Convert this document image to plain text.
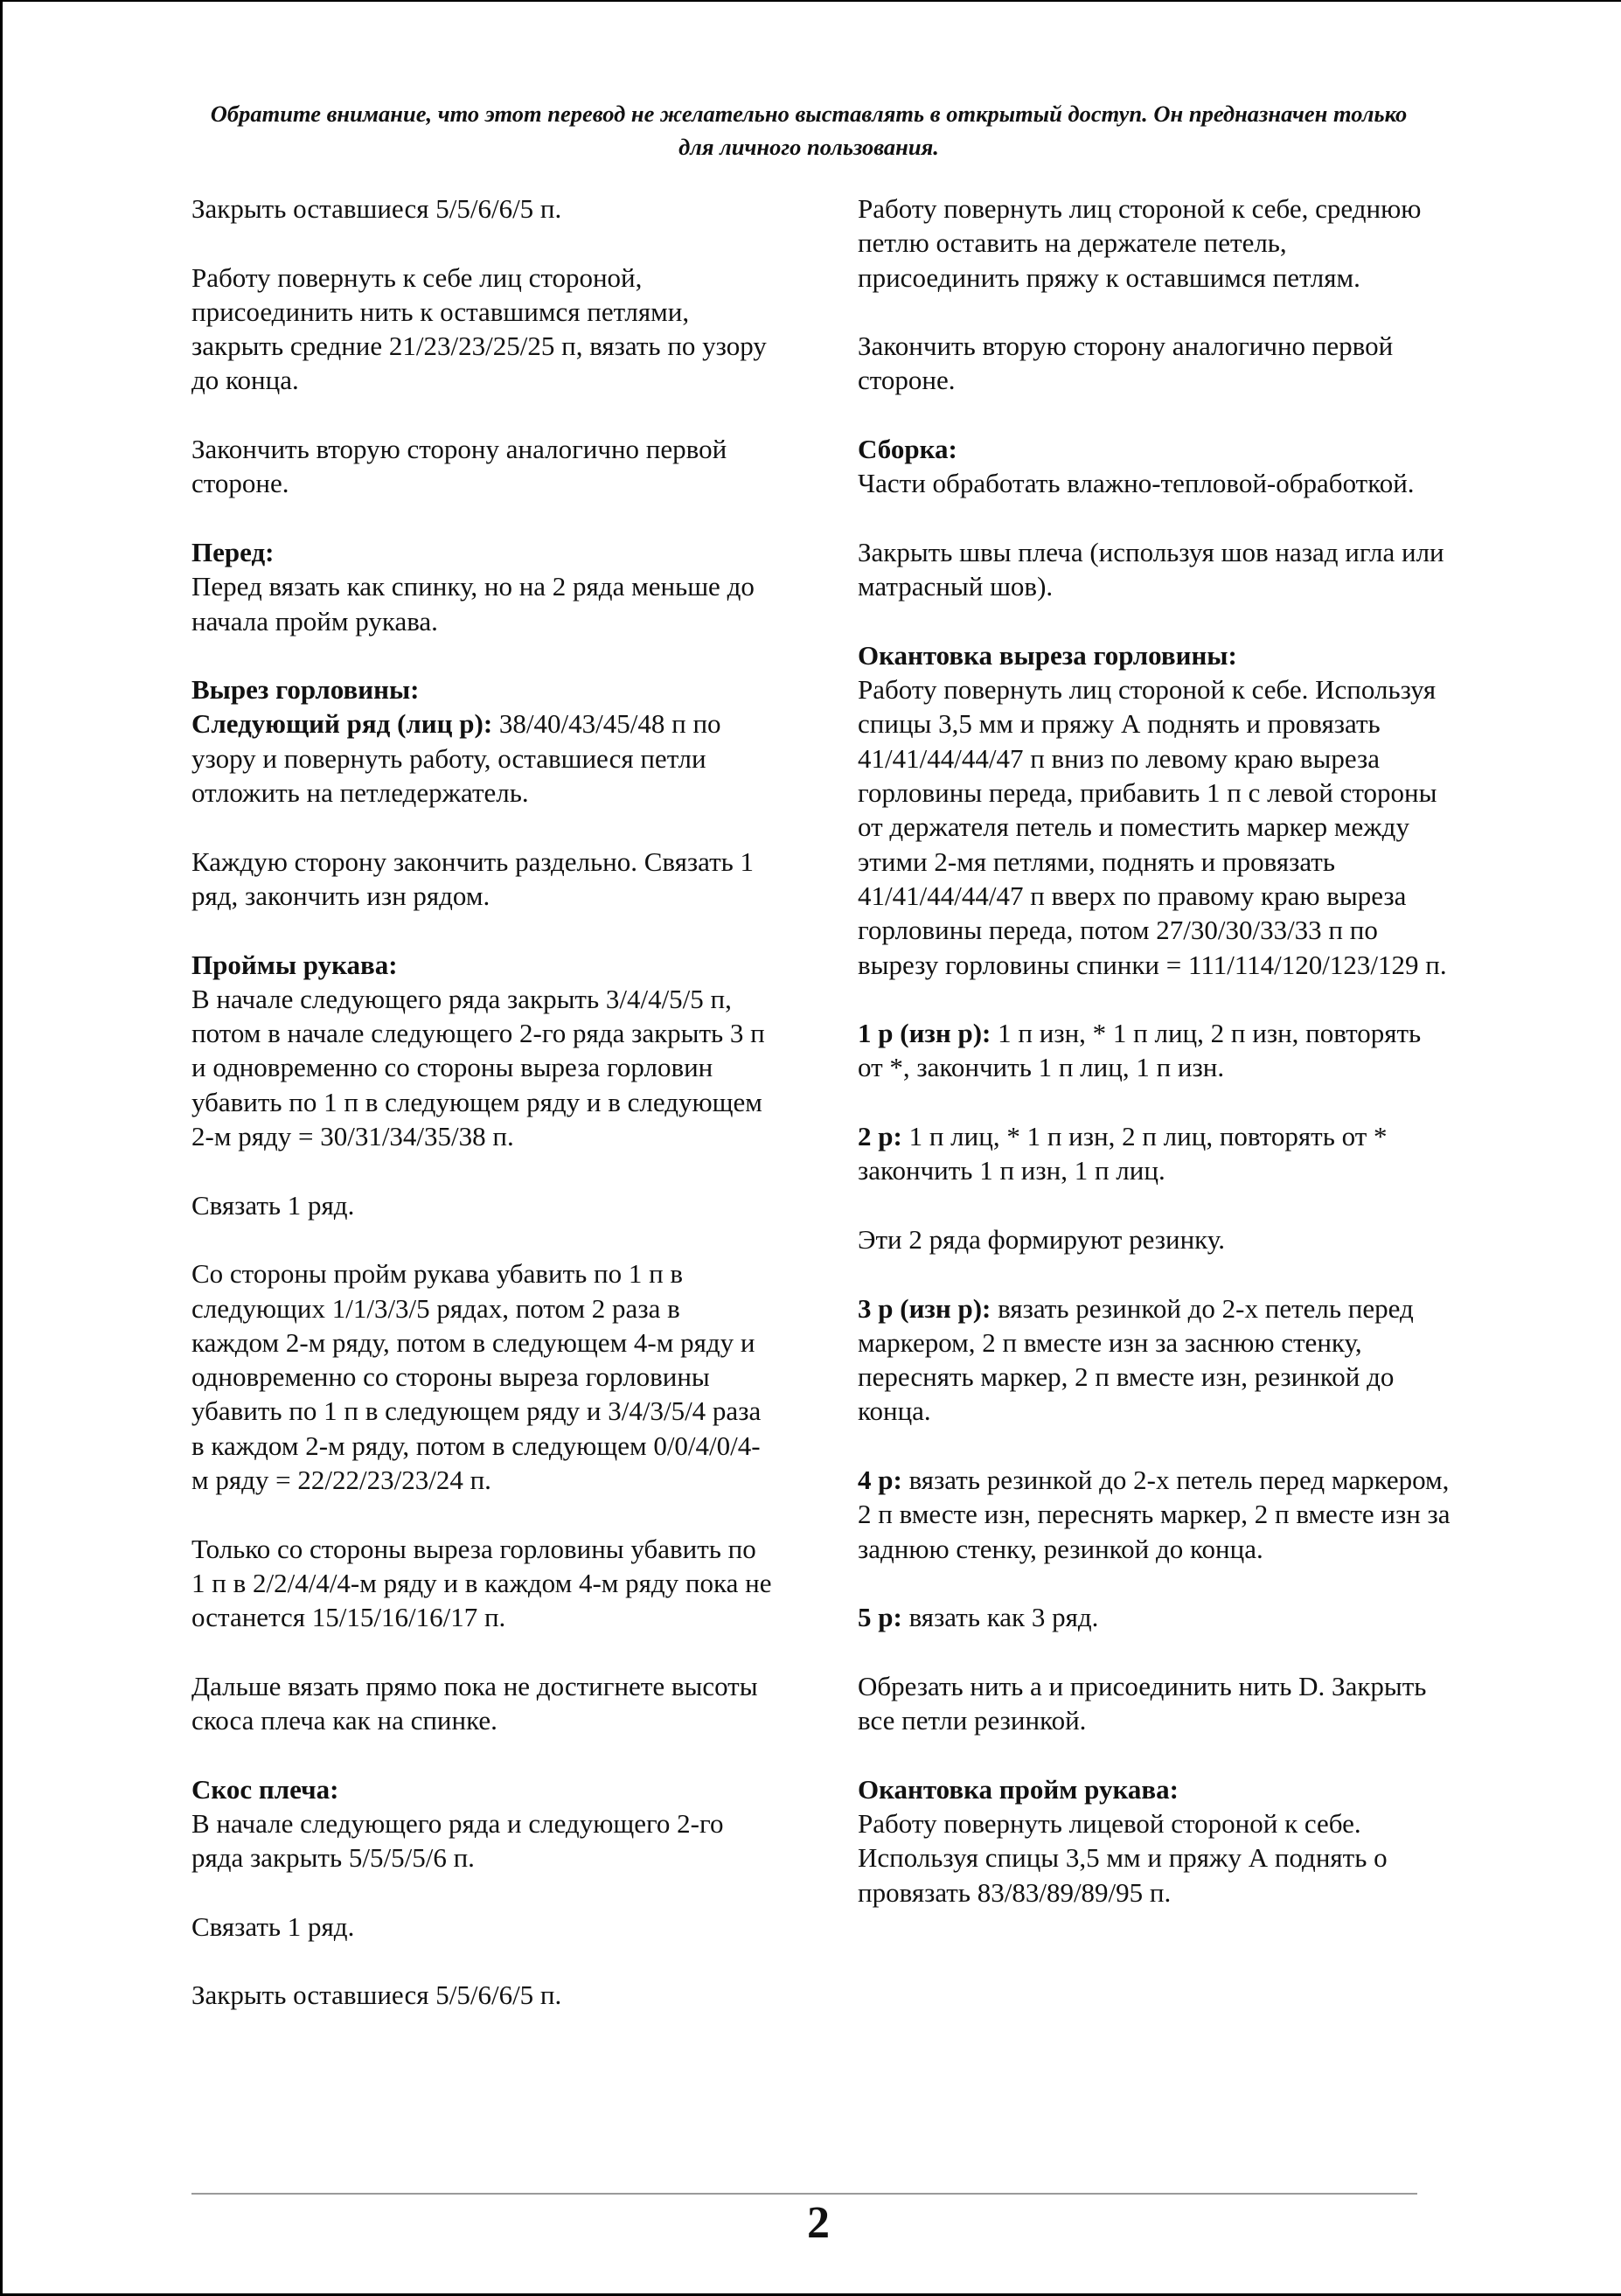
Обратите внимание, что этот перевод не желательно выставлять в открытый доступ. Он предназначен только для личного пользования.

Закрыть оставшиеся 5/5/6/6/5 п.

Работу повернуть к себе лиц стороной, присоединить нить к оставшимся петлями, закрыть средние 21/23/23/25/25 п, вязать по узору до конца.

Закончить вторую сторону аналогично первой стороне.

Перед:
Перед вязать как спинку, но на 2 ряда меньше до начала пройм рукава.

Вырез горловины:
Следующий ряд (лиц р): 38/40/43/45/48 п по узору и повернуть работу, оставшиеся петли отложить на петледержатель.

Каждую сторону закончить раздельно. Связать 1 ряд, закончить изн рядом.

Проймы рукава:
В начале следующего ряда закрыть 3/4/4/5/5 п, потом в начале следующего 2-го ряда закрыть 3 п и одновременно со стороны выреза горловин убавить по 1 п в следующем ряду и в следующем 2-м ряду = 30/31/34/35/38 п.

Связать 1 ряд.

Со стороны пройм рукава убавить по 1 п в следующих 1/1/3/3/5 рядах, потом 2 раза в каждом 2-м ряду, потом в следующем 4-м ряду и одновременно со стороны выреза горловины убавить по 1 п в следующем ряду и 3/4/3/5/4 раза в каждом 2-м ряду, потом в следующем 0/0/4/0/4-м ряду = 22/22/23/23/24 п.

Только со стороны выреза горловины убавить по 1 п в 2/2/4/4/4-м ряду и в каждом 4-м ряду пока не останется 15/15/16/16/17 п.

Дальше вязать прямо пока не достигнете высоты скоса плеча как на спинке.

Скос плеча:
В начале следующего ряда и следующего 2-го ряда закрыть 5/5/5/5/6 п.

Связать 1 ряд.

Закрыть оставшиеся 5/5/6/6/5 п.

Работу повернуть лиц стороной к себе, среднюю петлю оставить на держателе петель, присоединить пряжу к оставшимся петлям.

Закончить вторую сторону аналогично первой стороне.

Сборка:
Части обработать влажно-тепловой-обработкой.

Закрыть швы плеча (используя шов назад игла или матрасный шов).

Окантовка выреза горловины:
Работу повернуть лиц стороной к себе. Используя спицы 3,5 мм и пряжу А поднять и провязать 41/41/44/44/47 п вниз по левому краю выреза горловины переда, прибавить 1 п с левой стороны от держателя петель и поместить маркер между этими 2-мя петлями, поднять и провязать 41/41/44/44/47 п вверх по правому краю выреза горловины переда, потом 27/30/30/33/33 п по вырезу горловины спинки = 111/114/120/123/129 п.

1 р (изн р): 1 п изн, * 1 п лиц, 2 п изн, повторять от *, закончить 1 п лиц, 1 п изн.

2 р: 1 п лиц, * 1 п изн, 2 п лиц, повторять от * закончить 1 п изн, 1 п лиц.

Эти 2 ряда формируют резинку.

3 р (изн р): вязать резинкой до 2-х петель перед маркером, 2 п вместе изн за заснюю стенку, переснять маркер, 2 п вместе изн, резинкой до конца.

4 р: вязать резинкой до 2-х петель перед маркером, 2 п вместе изн, переснять маркер, 2 п вместе изн за заднюю стенку, резинкой до конца.

5 р: вязать как 3 ряд.

Обрезать нить а и присоединить нить D. Закрыть все петли резинкой.

Окантовка пройм рукава:
Работу повернуть лицевой стороной к себе. Используя спицы 3,5 мм и пряжу А поднять о провязать 83/83/89/89/95 п.

2
